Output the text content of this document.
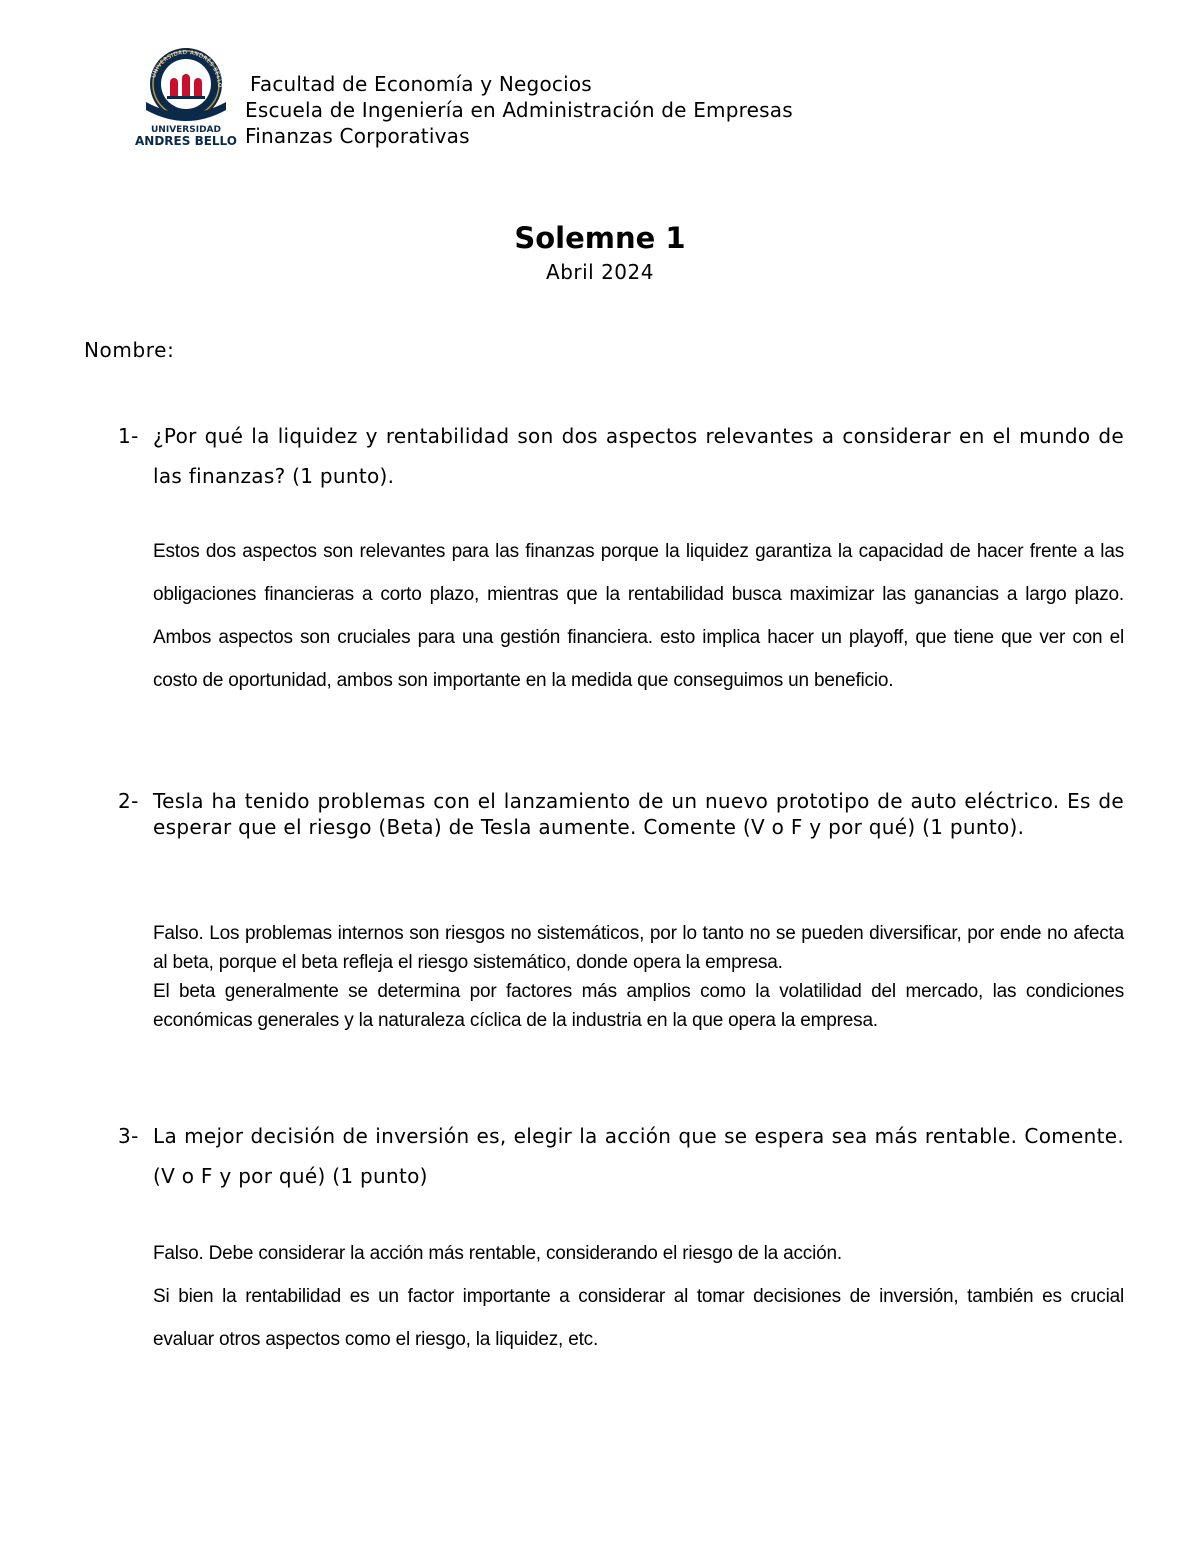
UNIVERSIDAD ANDRÉS BELLO
UNIVERSIDAD
ANDRES BELLO
Facultad de Economía y Negocios
Escuela de Ingeniería en Administración de Empresas
Finanzas Corporativas
Solemne 1
Abril 2024
Nombre:
1- ¿Por qué la liquidez y rentabilidad son dos aspectos relevantes a considerar en el mundo de las finanzas? (1 punto).

Estos dos aspectos son relevantes para las finanzas porque la liquidez garantiza la capacidad de hacer frente a las obligaciones financieras a corto plazo, mientras que la rentabilidad busca maximizar las ganancias a largo plazo. Ambos aspectos son cruciales para una gestión financiera. esto implica hacer un playoff, que tiene que ver con el costo de oportunidad, ambos son importante en la medida que conseguimos un beneficio.

2- Tesla ha tenido problemas con el lanzamiento de un nuevo prototipo de auto eléctrico. Es de esperar que el riesgo (Beta) de Tesla aumente. Comente (V o F y por qué) (1 punto).

Falso. Los problemas internos son riesgos no sistemáticos, por lo tanto no se pueden diversificar, por ende no afecta al beta, porque el beta refleja el riesgo sistemático, donde opera la empresa.

El beta generalmente se determina por factores más amplios como la volatilidad del mercado, las condiciones económicas generales y la naturaleza cíclica de la industria en la que opera la empresa.

3- La mejor decisión de inversión es, elegir la acción que se espera sea más rentable. Comente. (V o F y por qué) (1 punto)

Falso. Debe considerar la acción más rentable, considerando el riesgo de la acción.

Si bien la rentabilidad es un factor importante a considerar al tomar decisiones de inversión, también es crucial evaluar otros aspectos como el riesgo, la liquidez, etc.
